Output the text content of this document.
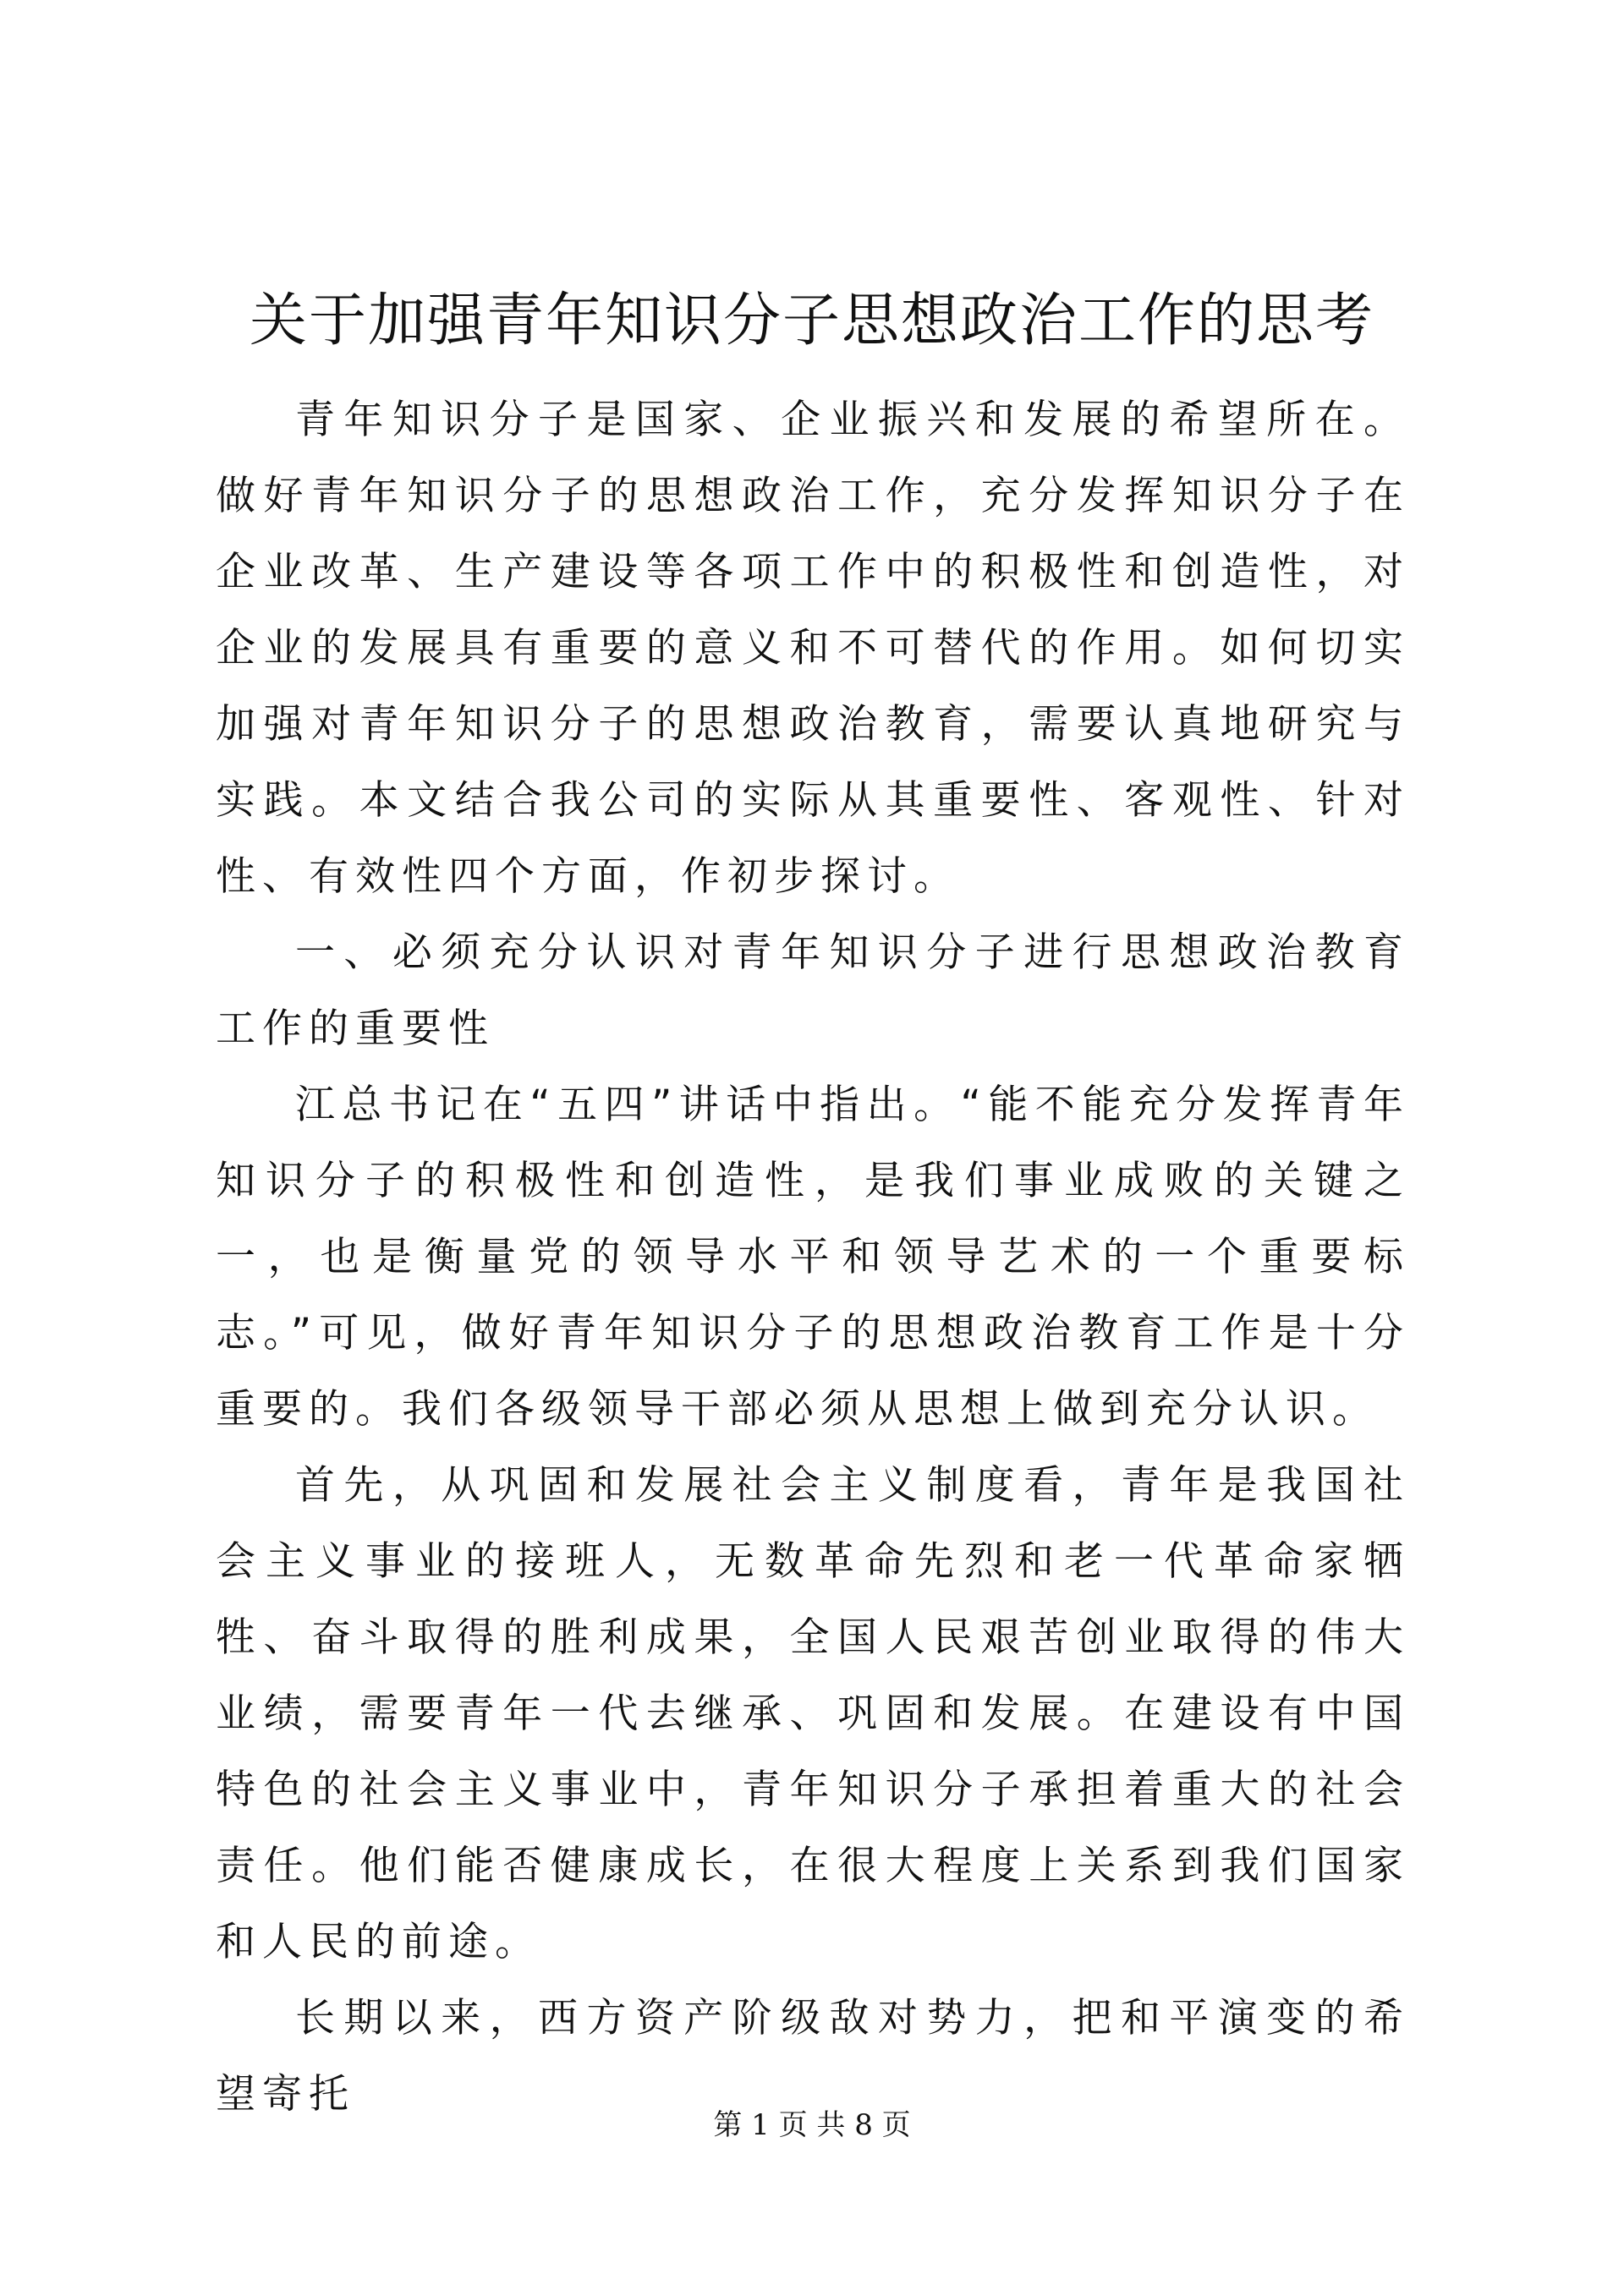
关于加强青年知识分子思想政治工作的思考

青年知识分子是国家、企业振兴和发展的希望所在。做好青年知识分子的思想政治工作，充分发挥知识分子在企业改革、生产建设等各项工作中的积极性和创造性，对企业的发展具有重要的意义和不可替代的作用。如何切实加强对青年知识分子的思想政治教育，需要认真地研究与实践。本文结合我公司的实际从其重要性、客观性、针对性、有效性四个方面，作初步探讨。

一、必须充分认识对青年知识分子进行思想政治教育工作的重要性

江总书记在“五四”讲话中指出。“能不能充分发挥青年知识分子的积极性和创造性，是我们事业成败的关键之一，也是衡量党的领导水平和领导艺术的一个重要标志。”可见，做好青年知识分子的思想政治教育工作是十分重要的。我们各级领导干部必须从思想上做到充分认识。

首先，从巩固和发展社会主义制度看，青年是我国社会主义事业的接班人，无数革命先烈和老一代革命家牺牲、奋斗取得的胜利成果，全国人民艰苦创业取得的伟大业绩，需要青年一代去继承、巩固和发展。在建设有中国特色的社会主义事业中，青年知识分子承担着重大的社会责任。他们能否健康成长，在很大程度上关系到我们国家和人民的前途。

长期以来，西方资产阶级敌对势力，把和平演变的希望寄托

第 1 页 共 8 页
